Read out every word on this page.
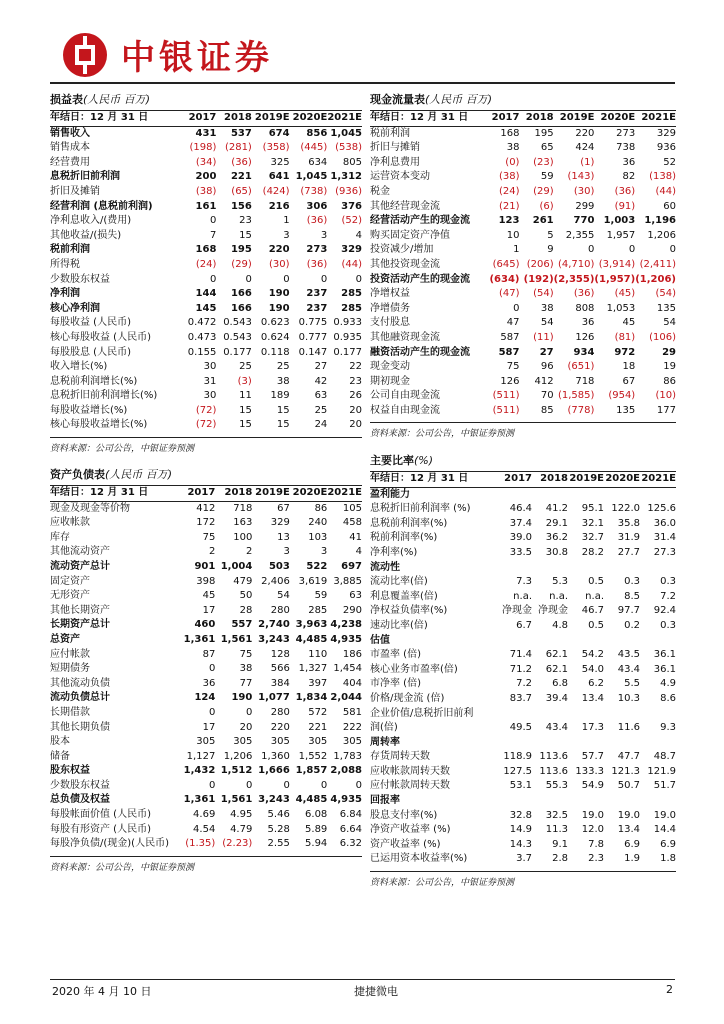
中银证券
损益表(人民币 百万)
年结日：12 月 31 日	2017	2018	2019E	2020E	2021E
销售收入	431	537	674	856	1,045
销售成本	(198)	(281)	(358)	(445)	(538)
经营费用	(34)	(36)	325	634	805
息税折旧前利润	200	221	641	1,045	1,312
折旧及摊销	(38)	(65)	(424)	(738)	(936)
经营利润 (息税前利润)	161	156	216	306	376
净利息收入/(费用)	0	23	1	(36)	(52)
其他收益/(损失)	7	15	3	3	4
税前利润	168	195	220	273	329
所得税	(24)	(29)	(30)	(36)	(44)
少数股东权益	0	0	0	0	0
净利润	144	166	190	237	285
核心净利润	145	166	190	237	285
每股收益 (人民币)	0.472	0.543	0.623	0.775	0.933
核心每股收益 (人民币)	0.473	0.543	0.624	0.777	0.935
每股股息 (人民币)	0.155	0.177	0.118	0.147	0.177
收入增长(%)	30	25	25	27	22
息税前利润增长(%)	31	(3)	38	42	23
息税折旧前利润增长(%)	30	11	189	63	26
每股收益增长(%)	(72)	15	15	25	20
核心每股收益增长(%)	(72)	15	15	24	20
资料来源：公司公告，中银证券预测
现金流量表(人民币 百万)
年结日：12 月 31 日	2017	2018	2019E	2020E	2021E
税前利润	168	195	220	273	329
折旧与摊销	38	65	424	738	936
净利息费用	(0)	(23)	(1)	36	52
运营资本变动	(38)	59	(143)	82	(138)
税金	(24)	(29)	(30)	(36)	(44)
其他经营现金流	(21)	(6)	299	(91)	60
经营活动产生的现金流	123	261	770	1,003	1,196
购买固定资产净值	10	5	2,355	1,957	1,206
投资减少/增加	1	9	0	0	0
其他投资现金流	(645)	(206)	(4,710)	(3,914)	(2,411)
投资活动产生的现金流	(634)	(192)	(2,355)	(1,957)	(1,206)
净增权益	(47)	(54)	(36)	(45)	(54)
净增债务	0	38	808	1,053	135
支付股息	47	54	36	45	54
其他融资现金流	587	(11)	126	(81)	(106)
融资活动产生的现金流	587	27	934	972	29
现金变动	75	96	(651)	18	19
期初现金	126	412	718	67	86
公司自由现金流	(511)	70	(1,585)	(954)	(10)
权益自由现金流	(511)	85	(778)	135	177
资料来源：公司公告，中银证券预测
资产负债表(人民币 百万)
年结日：12 月 31 日	2017	2018	2019E	2020E	2021E
现金及现金等价物	412	718	67	86	105
应收帐款	172	163	329	240	458
库存	75	100	13	103	41
其他流动资产	2	2	3	3	4
流动资产总计	901	1,004	503	522	697
固定资产	398	479	2,406	3,619	3,885
无形资产	45	50	54	59	63
其他长期资产	17	28	280	285	290
长期资产总计	460	557	2,740	3,963	4,238
总资产	1,361	1,561	3,243	4,485	4,935
应付帐款	87	75	128	110	186
短期债务	0	38	566	1,327	1,454
其他流动负债	36	77	384	397	404
流动负债总计	124	190	1,077	1,834	2,044
长期借款	0	0	280	572	581
其他长期负债	17	20	220	221	222
股本	305	305	305	305	305
储备	1,127	1,206	1,360	1,552	1,783
股东权益	1,432	1,512	1,666	1,857	2,088
少数股东权益	0	0	0	0	0
总负债及权益	1,361	1,561	3,243	4,485	4,935
每股帐面价值 (人民币)	4.69	4.95	5.46	6.08	6.84
每股有形资产 (人民币)	4.54	4.79	5.28	5.89	6.64
每股净负债/(现金)(人民币)	(1.35)	(2.23)	2.55	5.94	6.32
资料来源：公司公告，中银证券预测
主要比率(%)
年结日：12 月 31 日	2017	2018	2019E	2020E	2021E
盈利能力					
息税折旧前利润率 (%)	46.4	41.2	95.1	122.0	125.6
息税前利润率(%)	37.4	29.1	32.1	35.8	36.0
税前利润率(%)	39.0	36.2	32.7	31.9	31.4
净利率(%)	33.5	30.8	28.2	27.7	27.3
流动性					
流动比率(倍)	7.3	5.3	0.5	0.3	0.3
利息覆盖率(倍)	n.a.	n.a.	n.a.	8.5	7.2
净权益负债率(%)	净现金	净现金	46.7	97.7	92.4
速动比率(倍)	6.7	4.8	0.5	0.2	0.3
估值					
市盈率 (倍)	71.4	62.1	54.2	43.5	36.1
核心业务市盈率(倍)	71.2	62.1	54.0	43.4	36.1
市净率 (倍)	7.2	6.8	6.2	5.5	4.9
价格/现金流 (倍)	83.7	39.4	13.4	10.3	8.6
企业价值/息税折旧前利					
润(倍)	49.5	43.4	17.3	11.6	9.3
周转率					
存货周转天数	118.9	113.6	57.7	47.7	48.7
应收帐款周转天数	127.5	113.6	133.3	121.3	121.9
应付帐款周转天数	53.1	55.3	54.9	50.7	51.7
回报率					
股息支付率(%)	32.8	32.5	19.0	19.0	19.0
净资产收益率 (%)	14.9	11.3	12.0	13.4	14.4
资产收益率 (%)	14.3	9.1	7.8	6.9	6.9
已运用资本收益率(%)	3.7	2.8	2.3	1.9	1.8
资料来源：公司公告，中银证券预测
2020 年 4 月 10 日	捷捷微电	2
